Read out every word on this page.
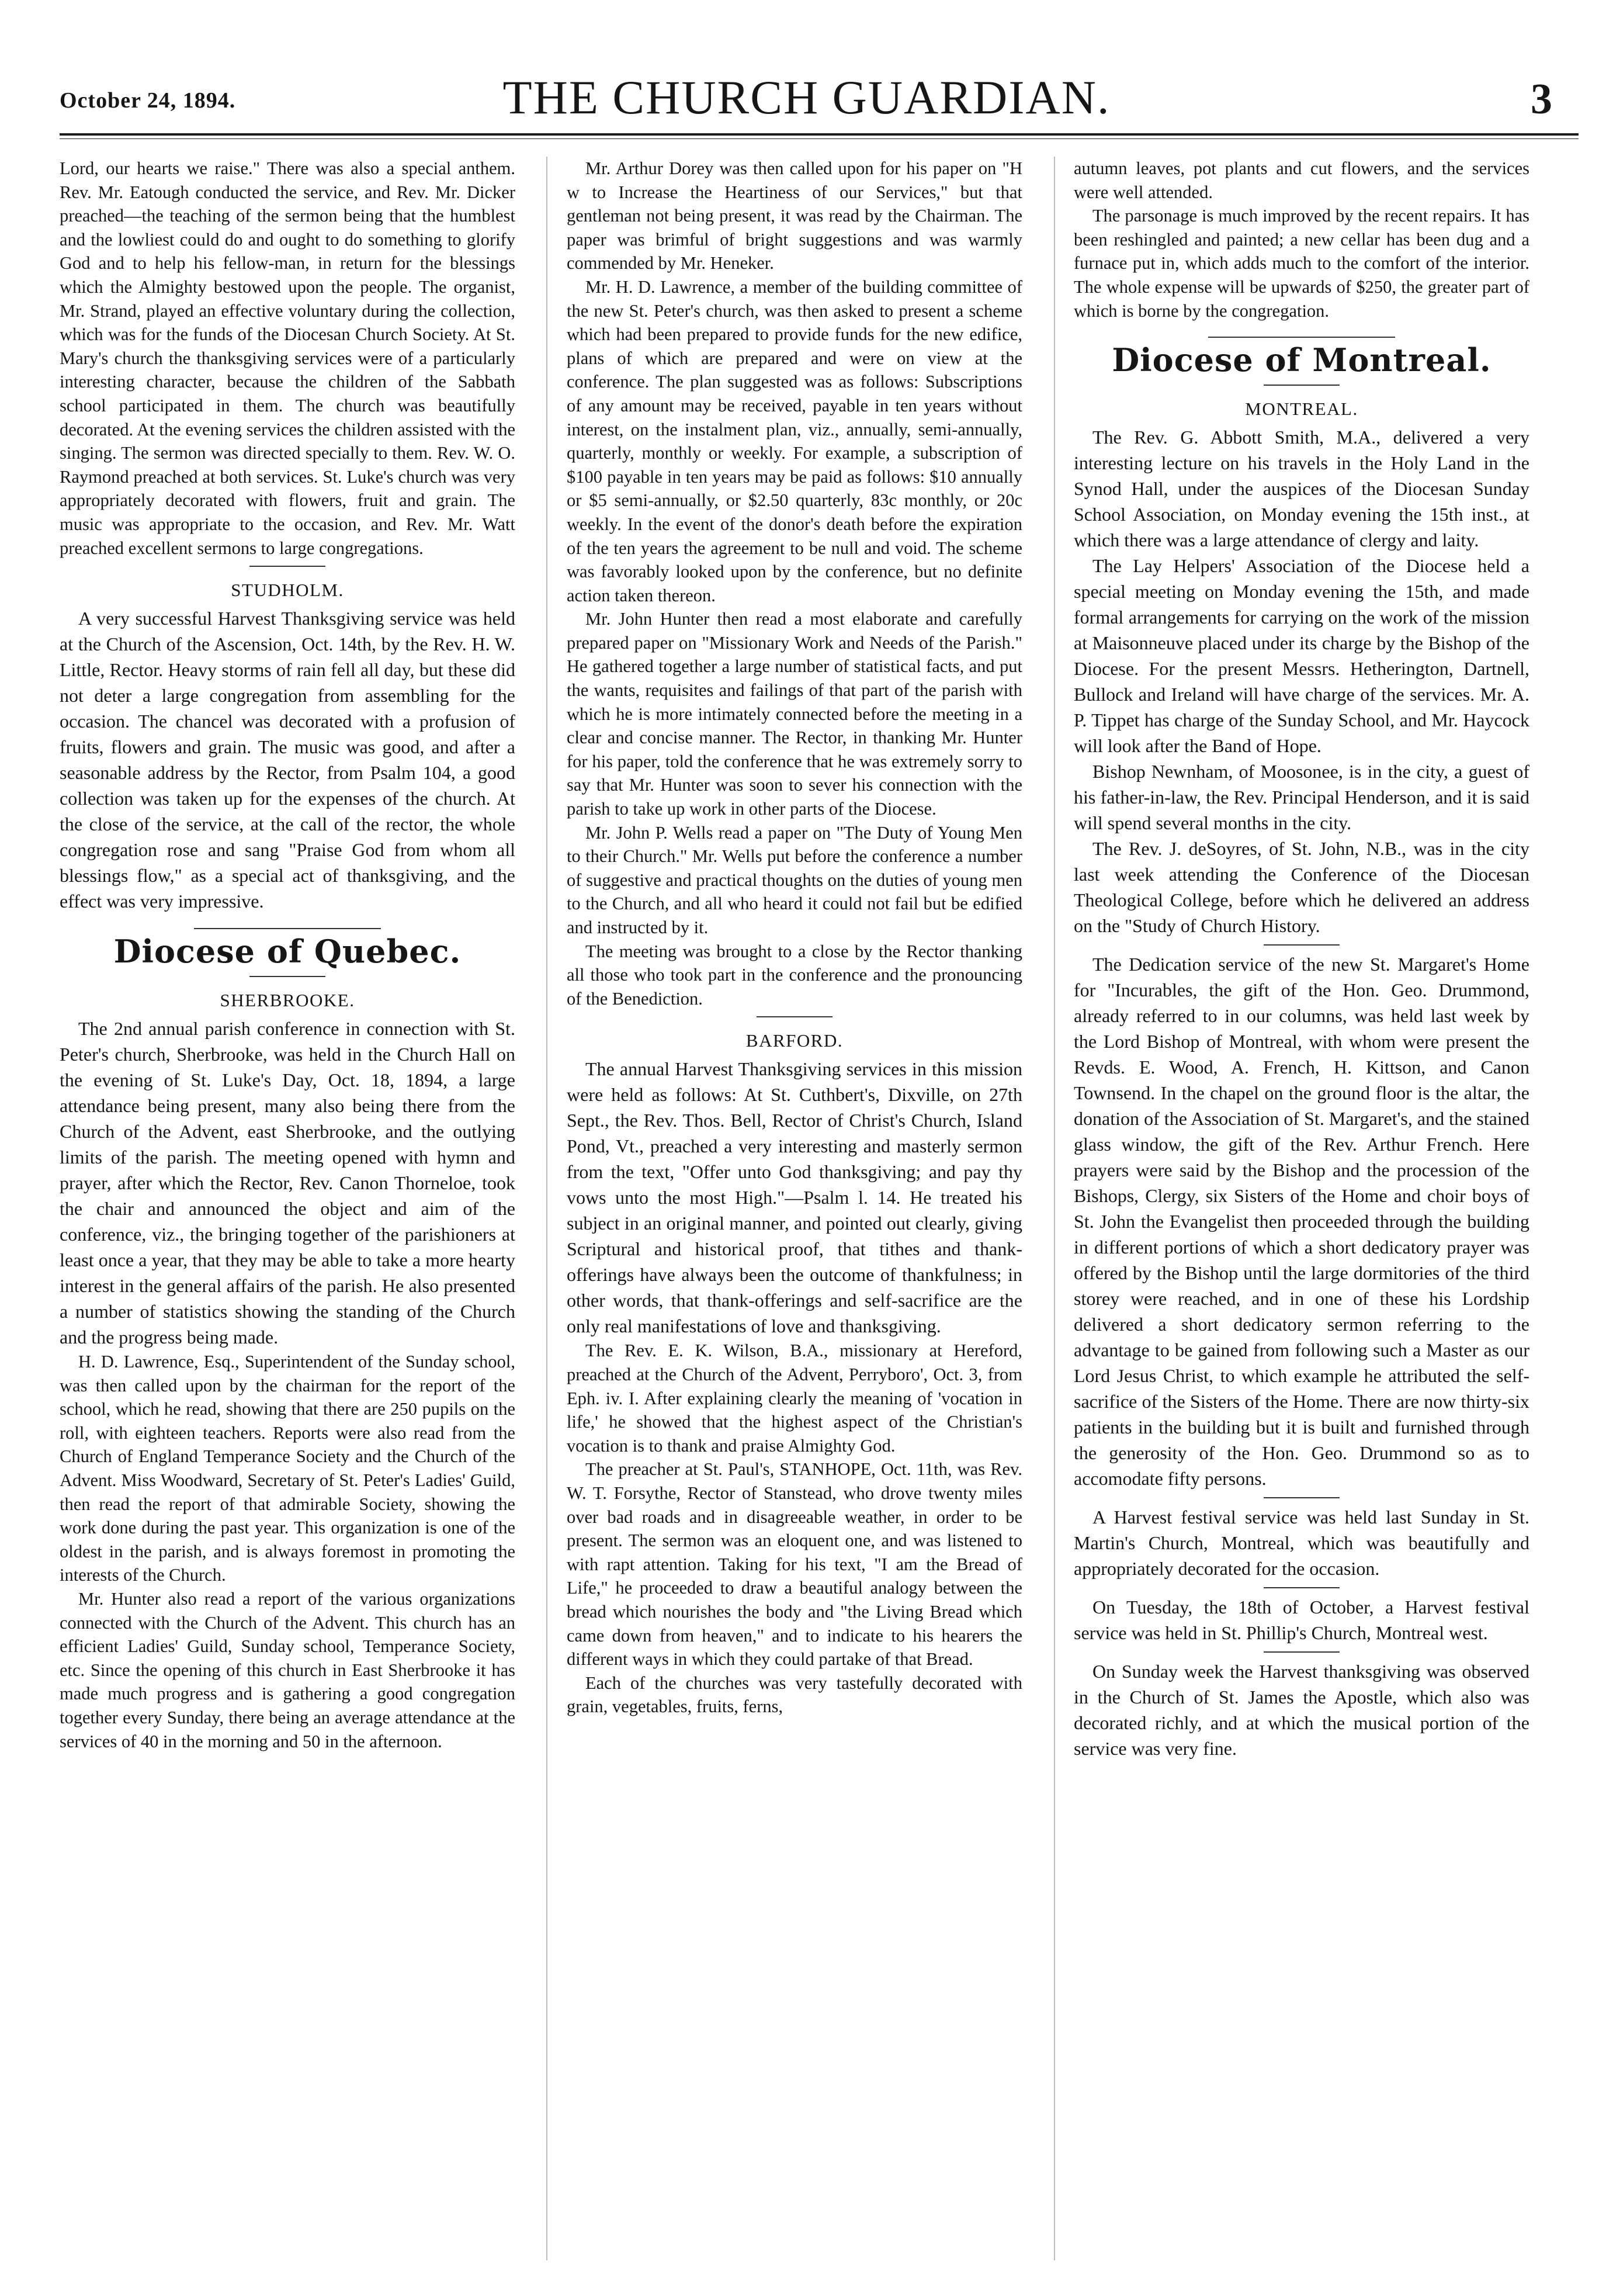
October 24, 1894.	THE CHURCH GUARDIAN.	3

Lord, our hearts we raise." There was also a special anthem. Rev. Mr. Eatough conducted the service, and Rev. Mr. Dicker preached—the teaching of the sermon being that the humblest and the lowliest could do and ought to do something to glorify God and to help his fellow-man, in return for the blessings which the Almighty bestowed upon the people. The organist, Mr. Strand, played an effective voluntary during the collection, which was for the funds of the Diocesan Church Society. At St. Mary's church the thanksgiving services were of a particularly interesting character, because the children of the Sabbath school participated in them. The church was beautifully decorated. At the evening services the children assisted with the singing. The sermon was directed specially to them. Rev. W. O. Raymond preached at both services. St. Luke's church was very appropriately decorated with flowers, fruit and grain. The music was appropriate to the occasion, and Rev. Mr. Watt preached excellent sermons to large congregations.

STUDHOLM.

A very successful Harvest Thanksgiving service was held at the Church of the Ascension, Oct. 14th, by the Rev. H. W. Little, Rector. Heavy storms of rain fell all day, but these did not deter a large congregation from assembling for the occasion. The chancel was decorated with a profusion of fruits, flowers and grain. The music was good, and after a seasonable address by the Rector, from Psalm 104, a good collection was taken up for the expenses of the church. At the close of the service, at the call of the rector, the whole congregation rose and sang "Praise God from whom all blessings flow," as a special act of thanksgiving, and the effect was very impressive.

Diocese of Quebec.
SHERBROOKE.

The 2nd annual parish conference in connection with St. Peter's church, Sherbrooke, was held in the Church Hall on the evening of St. Luke's Day, Oct. 18, 1894, a large attendance being present, many also being there from the Church of the Advent, east Sherbrooke, and the outlying limits of the parish. The meeting opened with hymn and prayer, after which the Rector, Rev. Canon Thorneloe, took the chair and announced the object and aim of the conference, viz., the bringing together of the parishioners at least once a year, that they may be able to take a more hearty interest in the general affairs of the parish. He also presented a number of statistics showing the standing of the Church and the progress being made.

H. D. Lawrence, Esq., Superintendent of the Sunday school, was then called upon by the chairman for the report of the school, which he read, showing that there are 250 pupils on the roll, with eighteen teachers. Reports were also read from the Church of England Temperance Society and the Church of the Advent. Miss Woodward, Secretary of St. Peter's Ladies' Guild, then read the report of that admirable Society, showing the work done during the past year. This organization is one of the oldest in the parish, and is always foremost in promoting the interests of the Church.

Mr. Hunter also read a report of the various organizations connected with the Church of the Advent. This church has an efficient Ladies' Guild, Sunday school, Temperance Society, etc. Since the opening of this church in East Sherbrooke it has made much progress and is gathering a good congregation together every Sunday, there being an average attendance at the services of 40 in the morning and 50 in the afternoon.

Mr. Arthur Dorey was then called upon for his paper on "H w to Increase the Heartiness of our Services," but that gentleman not being present, it was read by the Chairman. The paper was brimful of bright suggestions and was warmly commended by Mr. Heneker.

Mr. H. D. Lawrence, a member of the building committee of the new St. Peter's church, was then asked to present a scheme which had been prepared to provide funds for the new edifice, plans of which are prepared and were on view at the conference. The plan suggested was as follows: Subscriptions of any amount may be received, payable in ten years without interest, on the instalment plan, viz., annually, semi-annually, quarterly, monthly or weekly. For example, a subscription of $100 payable in ten years may be paid as follows: $10 annually or $5 semi-annually, or $2.50 quarterly, 83c monthly, or 20c weekly. In the event of the donor's death before the expiration of the ten years the agreement to be null and void. The scheme was favorably looked upon by the conference, but no definite action taken thereon.

Mr. John Hunter then read a most elaborate and carefully prepared paper on "Missionary Work and Needs of the Parish." He gathered together a large number of statistical facts, and put the wants, requisites and failings of that part of the parish with which he is more intimately connected before the meeting in a clear and concise manner. The Rector, in thanking Mr. Hunter for his paper, told the conference that he was extremely sorry to say that Mr. Hunter was soon to sever his connection with the parish to take up work in other parts of the Diocese.

Mr. John P. Wells read a paper on "The Duty of Young Men to their Church." Mr. Wells put before the conference a number of suggestive and practical thoughts on the duties of young men to the Church, and all who heard it could not fail but be edified and instructed by it.

The meeting was brought to a close by the Rector thanking all those who took part in the conference and the pronouncing of the Benediction.

BARFORD.

The annual Harvest Thanksgiving services in this mission were held as follows: At St. Cuthbert's, Dixville, on 27th Sept., the Rev. Thos. Bell, Rector of Christ's Church, Island Pond, Vt., preached a very interesting and masterly sermon from the text, "Offer unto God thanksgiving; and pay thy vows unto the most High."—Psalm l. 14. He treated his subject in an original manner, and pointed out clearly, giving Scriptural and historical proof, that tithes and thank-offerings have always been the outcome of thankfulness; in other words, that thank-offerings and self-sacrifice are the only real manifestations of love and thanksgiving.

The Rev. E. K. Wilson, B.A., missionary at Hereford, preached at the Church of the Advent, Perryboro', Oct. 3, from Eph. iv. I. After explaining clearly the meaning of 'vocation in life,' he showed that the highest aspect of the Christian's vocation is to thank and praise Almighty God.

The preacher at St. Paul's, STANHOPE, Oct. 11th, was Rev. W. T. Forsythe, Rector of Stanstead, who drove twenty miles over bad roads and in disagreeable weather, in order to be present. The sermon was an eloquent one, and was listened to with rapt attention. Taking for his text, "I am the Bread of Life," he proceeded to draw a beautiful analogy between the bread which nourishes the body and "the Living Bread which came down from heaven," and to indicate to his hearers the different ways in which they could partake of that Bread.

Each of the churches was very tastefully decorated with grain, vegetables, fruits, ferns,

autumn leaves, pot plants and cut flowers, and the services were well attended.

The parsonage is much improved by the recent repairs. It has been reshingled and painted; a new cellar has been dug and a furnace put in, which adds much to the comfort of the interior. The whole expense will be upwards of $250, the greater part of which is borne by the congregation.

Diocese of Montreal.
MONTREAL.

The Rev. G. Abbott Smith, M.A., delivered a very interesting lecture on his travels in the Holy Land in the Synod Hall, under the auspices of the Diocesan Sunday School Association, on Monday evening the 15th inst., at which there was a large attendance of clergy and laity.

The Lay Helpers' Association of the Diocese held a special meeting on Monday evening the 15th, and made formal arrangements for carrying on the work of the mission at Maisonneuve placed under its charge by the Bishop of the Diocese. For the present Messrs. Hetherington, Dartnell, Bullock and Ireland will have charge of the services. Mr. A. P. Tippet has charge of the Sunday School, and Mr. Haycock will look after the Band of Hope.

Bishop Newnham, of Moosonee, is in the city, a guest of his father-in-law, the Rev. Principal Henderson, and it is said will spend several months in the city.

The Rev. J. deSoyres, of St. John, N.B., was in the city last week attending the Conference of the Diocesan Theological College, before which he delivered an address on the "Study of Church History.

The Dedication service of the new St. Margaret's Home for "Incurables, the gift of the Hon. Geo. Drummond, already referred to in our columns, was held last week by the Lord Bishop of Montreal, with whom were present the Revds. E. Wood, A. French, H. Kittson, and Canon Townsend. In the chapel on the ground floor is the altar, the donation of the Association of St. Margaret's, and the stained glass window, the gift of the Rev. Arthur French. Here prayers were said by the Bishop and the procession of the Bishops, Clergy, six Sisters of the Home and choir boys of St. John the Evangelist then proceeded through the building in different portions of which a short dedicatory prayer was offered by the Bishop until the large dormitories of the third storey were reached, and in one of these his Lordship delivered a short dedicatory sermon referring to the advantage to be gained from following such a Master as our Lord Jesus Christ, to which example he attributed the self-sacrifice of the Sisters of the Home. There are now thirty-six patients in the building but it is built and furnished through the generosity of the Hon. Geo. Drummond so as to accomodate fifty persons.

A Harvest festival service was held last Sunday in St. Martin's Church, Montreal, which was beautifully and appropriately decorated for the occasion.

On Tuesday, the 18th of October, a Harvest festival service was held in St. Phillip's Church, Montreal west.

On Sunday week the Harvest thanksgiving was observed in the Church of St. James the Apostle, which also was decorated richly, and at which the musical portion of the service was very fine.
